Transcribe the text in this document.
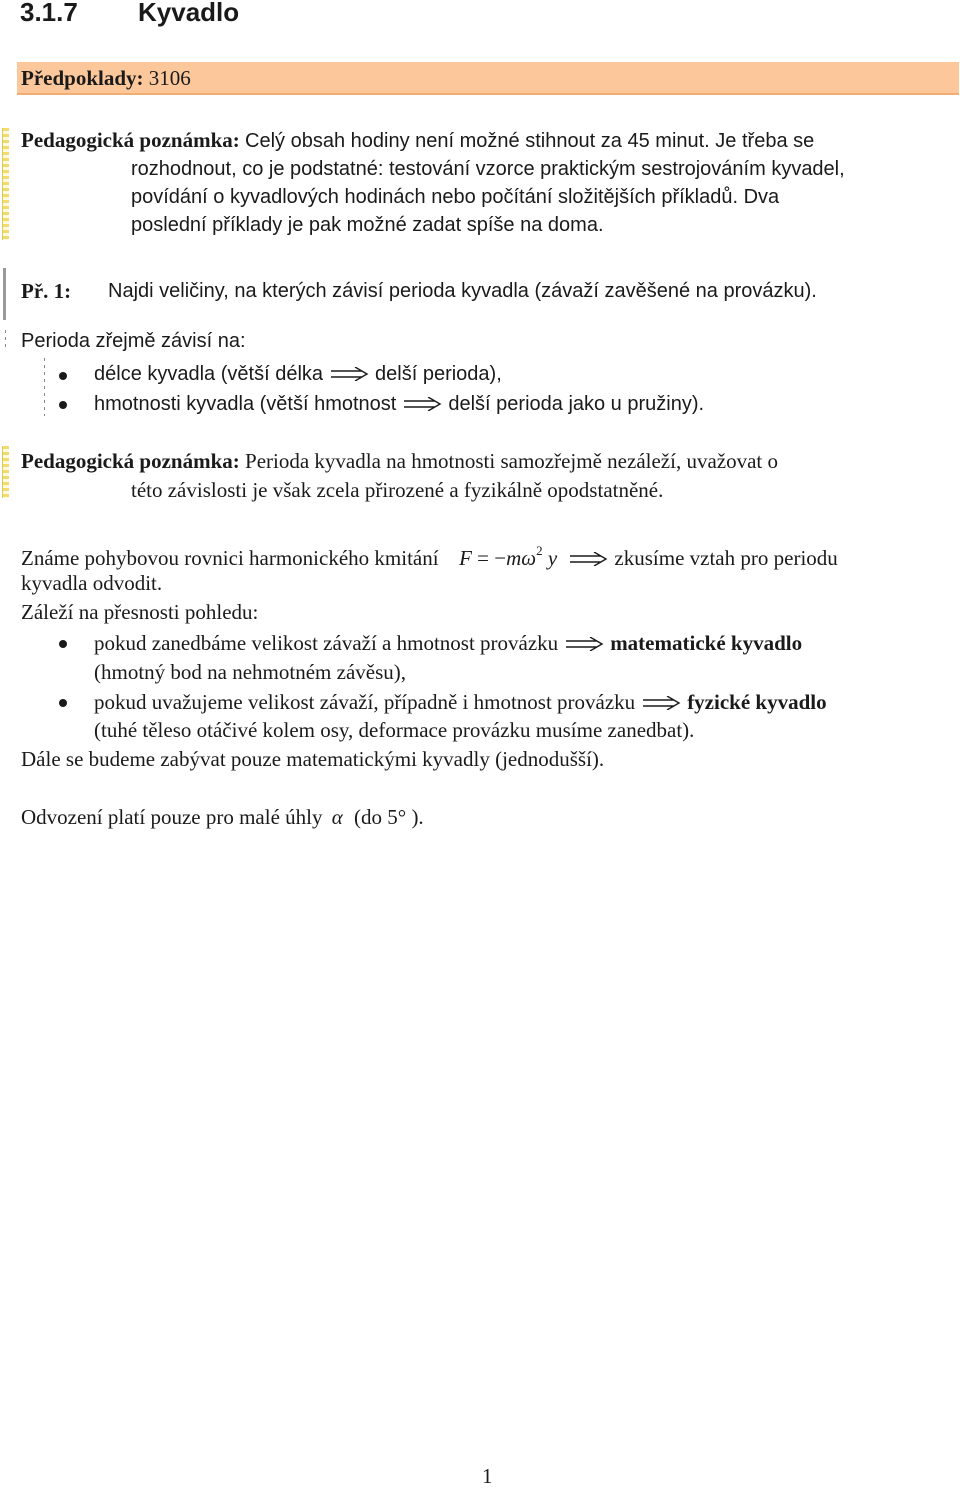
3.1.7 Kyvadlo
Předpoklady: 3106
Pedagogická poznámka: Celý obsah hodiny není možné stihnout za 45 minut. Je třeba se
rozhodnout, co je podstatné: testování vzorce praktickým sestrojováním kyvadel,
povídání o kyvadlových hodinách nebo počítání složitějších příkladů. Dva
poslední příklady je pak možné zadat spíše na doma.
Př. 1: Najdi veličiny, na kterých závisí perioda kyvadla (závaží zavěšené na provázku).
Perioda zřejmě závisí na:
délce kyvadla (větší délka	delší perioda),
hmotnosti kyvadla (větší hmotnost	delší perioda jako u pružiny).
Pedagogická poznámka: Perioda kyvadla na hmotnosti samozřejmě nezáleží, uvažovat o
této závislosti je však zcela přirozené a fyzikálně opodstatněné.
Známe pohybovou rovnici harmonického kmitání $F = -m\omega^2$ y	zkusíme vztah pro periodu
kyvadla odvodit.
Záleží na přesnosti pohledu:
pokud zanedbáme velikost závaží a hmotnost provázku matematické kyvadlo
(hmotný bod na nehmotném závěsu),
pokud uvažujeme velikost závaží, případně i hmotnost provázku fyzické kyvadlo
(tuhé těleso otáčivé kolem osy, deformace provázku musíme zanedbat).
Dále se budeme zabývat pouze matematickými kyvadly (jednodušší).
Odvození platí pouze pro malé úhly α (do 5° ).
1
